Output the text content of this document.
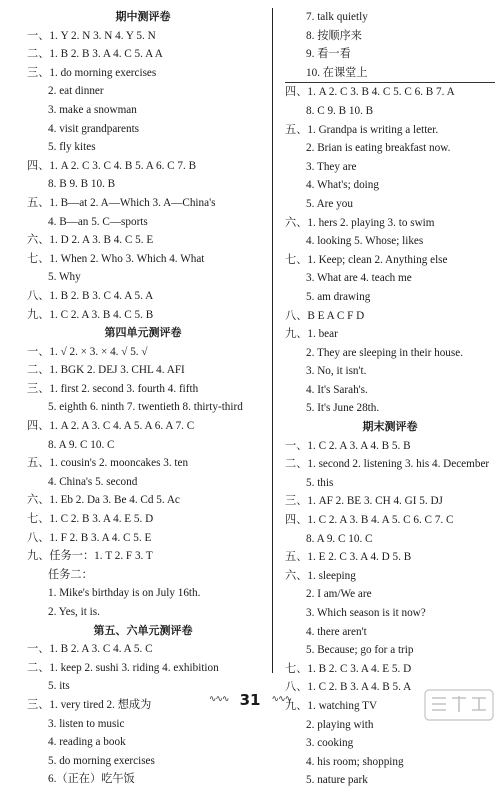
期中测评卷
一、1. Y 2. N 3. N 4. Y 5. N
二、1. B 2. B 3. A 4. C 5. A A
三、1. do morning exercises
2. eat dinner
3. make a snowman
4. visit grandparents
5. fly kites
四、1. A 2. C 3. C 4. B 5. A 6. C 7. B
8. B 9. B 10. B
五、1. B—at 2. A—Which 3. A—China's
4. B—an 5. C—sports
六、1. D 2. A 3. B 4. C 5. E
七、1. When 2. Who 3. Which 4. What
5. Why
八、1. B 2. B 3. C 4. A 5. A
九、1. C 2. A 3. B 4. C 5. B
第四单元测评卷
一、1. √ 2. × 3. × 4. √ 5. √
二、1. BGK 2. DEJ 3. CHL 4. AFI
三、1. first 2. second 3. fourth 4. fifth
5. eighth 6. ninth 7. twentieth 8. thirty-third
四、1. A 2. A 3. C 4. A 5. A 6. A 7. C
8. A 9. C 10. C
五、1. cousin's 2. mooncakes 3. ten
4. China's 5. second
六、1. Eb 2. Da 3. Be 4. Cd 5. Ac
七、1. C 2. B 3. A 4. E 5. D
八、1. F 2. B 3. A 4. C 5. E
九、任务一：1. T 2. F 3. T
任务二：
1. Mike's birthday is on July 16th.
2. Yes, it is.
第五、六单元测评卷
一、1. B 2. A 3. C 4. A 5. C
二、1. keep 2. sushi 3. riding 4. exhibition
5. its
三、1. very tired 2. 想成为
3. listen to music
4. reading a book
5. do morning exercises
6.（正在）吃午饭
7. talk quietly
8. 按顺序来
9. 看一看
10. 在课堂上
四、1. A 2. C 3. B 4. C 5. C 6. B 7. A
8. C 9. B 10. B
五、1. Grandpa is writing a letter.
2. Brian is eating breakfast now.
3. They are
4. What's; doing
5. Are you
六、1. hers 2. playing 3. to swim
4. looking 5. Whose; likes
七、1. Keep; clean 2. Anything else
3. What are 4. teach me
5. am drawing
八、B E A C F D
九、1. bear
2. They are sleeping in their house.
3. No, it isn't.
4. It's Sarah's.
5. It's June 28th.
期末测评卷
一、1. C 2. A 3. A 4. B 5. B
二、1. second 2. listening 3. his 4. December
5. this
三、1. AF 2. BE 3. CH 4. GI 5. DJ
四、1. C 2. A 3. B 4. A 5. C 6. C 7. C
8. A 9. C 10. C
五、1. E 2. C 3. A 4. D 5. B
六、1. sleeping
2. I am/We are
3. Which season is it now?
4. there aren't
5. Because; go for a trip
七、1. B 2. C 3. A 4. E 5. D
八、1. C 2. B 3. A 4. B 5. A
九、1. watching TV
2. playing with
3. cooking
4. his room; shopping
5. nature park
∿∿∿ 31 ∿∿∿
